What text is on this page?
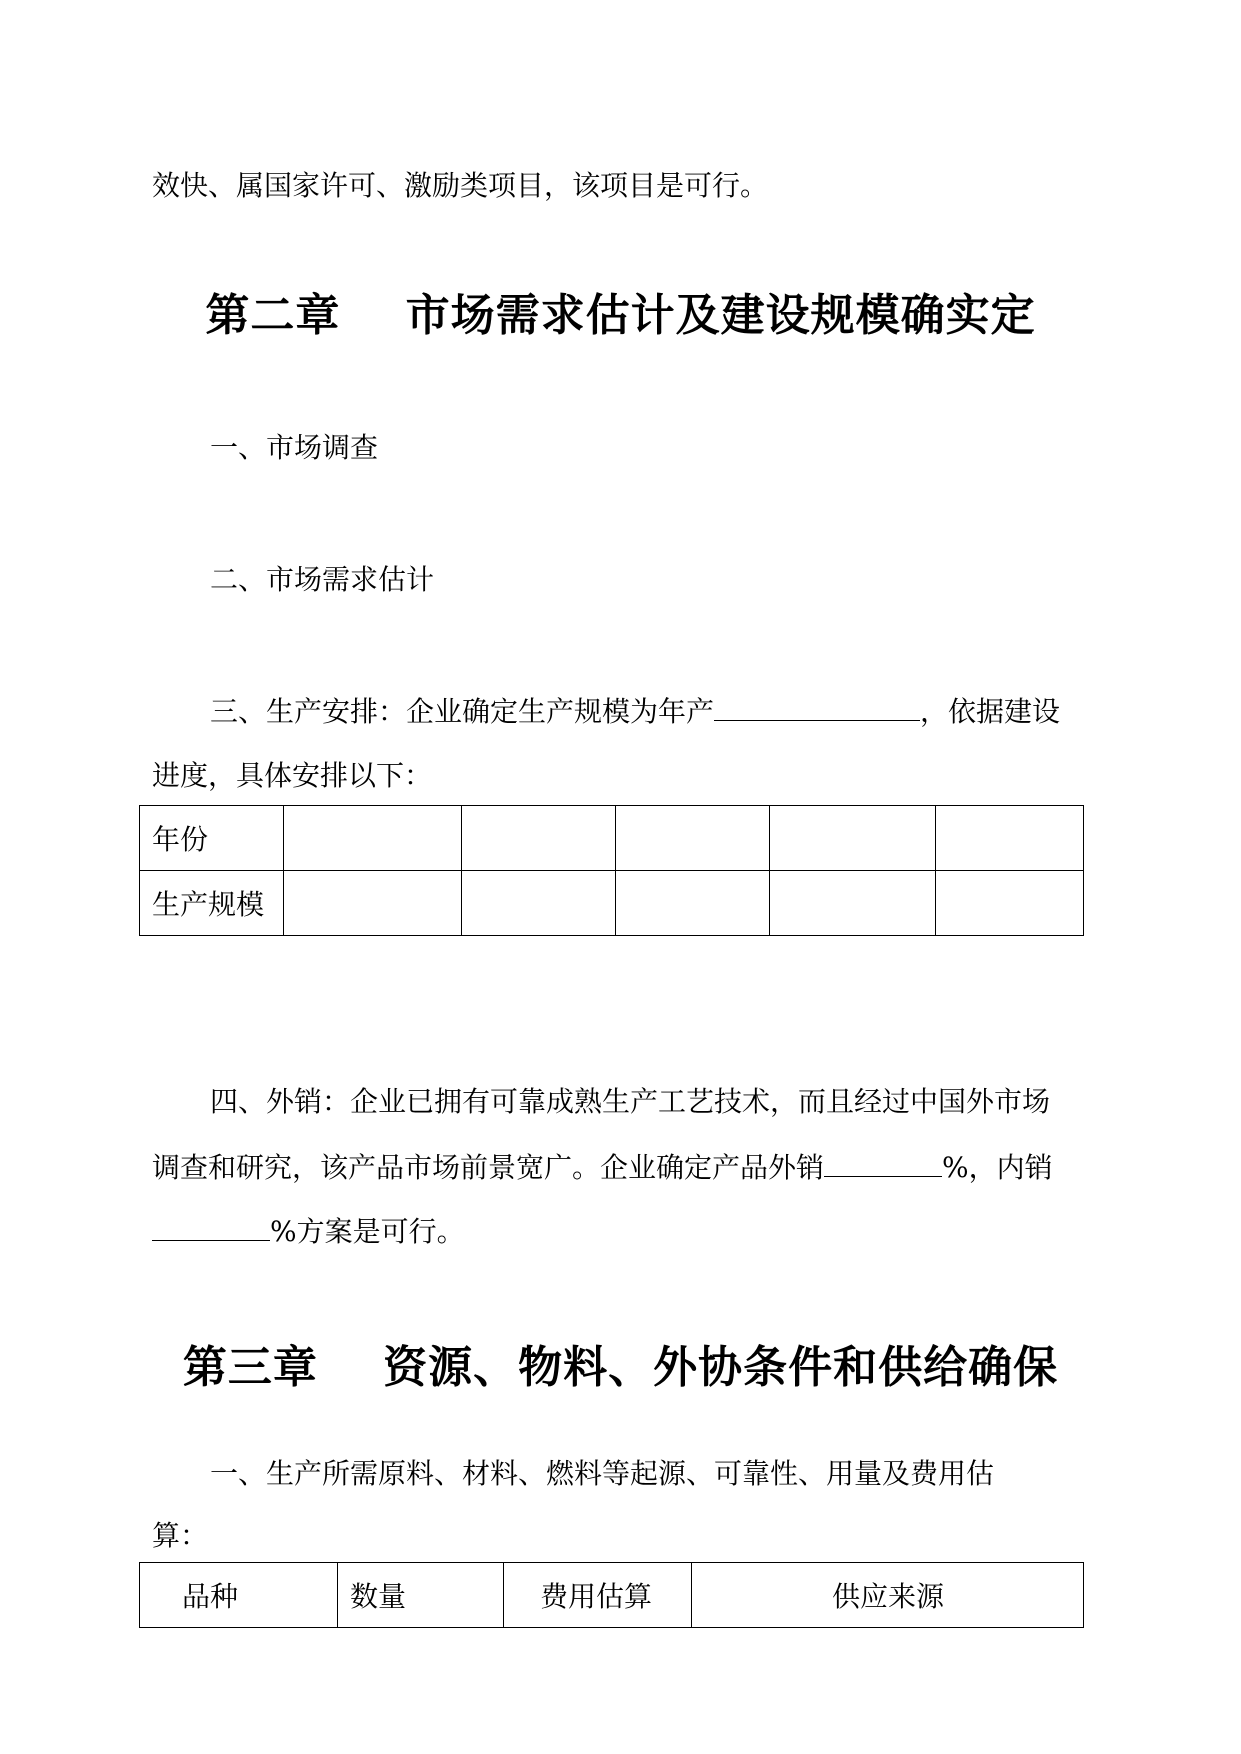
效快、属国家许可、激励类项目，该项目是可行。
第二章    市场需求估计及建设规模确实定
一、市场调查
二、市场需求估计
三、生产安排：企业确定生产规模为年产	，依据建设
进度，具体安排以下：
年份					
生产规模					
四、外销：企业已拥有可靠成熟生产工艺技术，而且经过中国外市场
调查和研究，该产品市场前景宽广。企业确定产品外销	%，内销
%方案是可行。
第三章    资源、物料、外协条件和供给确保
一、生产所需原料、材料、燃料等起源、可靠性、用量及费用估
算：
品种	数量	费用估算	供应来源
